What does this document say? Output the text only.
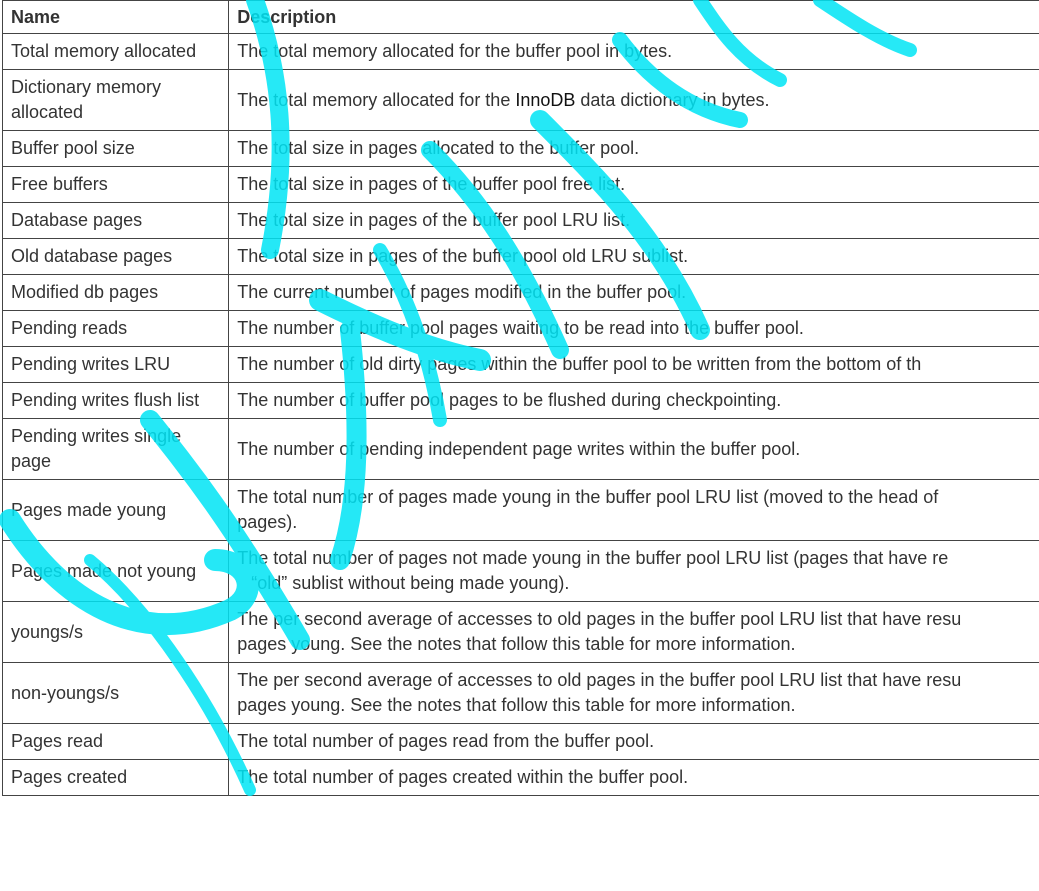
Name	Description
Total memory allocated	The total memory allocated for the buffer pool in bytes.
Dictionary memory allocated	The total memory allocated for the InnoDB data dictionary in bytes.
Buffer pool size	The total size in pages allocated to the buffer pool.
Free buffers	The total size in pages of the buffer pool free list.
Database pages	The total size in pages of the buffer pool LRU list.
Old database pages	The total size in pages of the buffer pool old LRU sublist.
Modified db pages	The current number of pages modified in the buffer pool.
Pending reads	The number of buffer pool pages waiting to be read into the buffer pool.
Pending writes LRU	The number of old dirty pages within the buffer pool to be written from the bottom of th
Pending writes flush list	The number of buffer pool pages to be flushed during checkpointing.
Pending writes single page	The number of pending independent page writes within the buffer pool.
Pages made young	The total number of pages made young in the buffer pool LRU list (moved to the head of
pages).

Pages made not young	The total number of pages not made young in the buffer pool LRU list (pages that have re
“old” sublist without being made young).

youngs/s	The per second average of accesses to old pages in the buffer pool LRU list that have resu
pages young. See the notes that follow this table for more information.

non-youngs/s	The per second average of accesses to old pages in the buffer pool LRU list that have resu
pages young. See the notes that follow this table for more information.

Pages read	The total number of pages read from the buffer pool.
Pages created	The total number of pages created within the buffer pool.
